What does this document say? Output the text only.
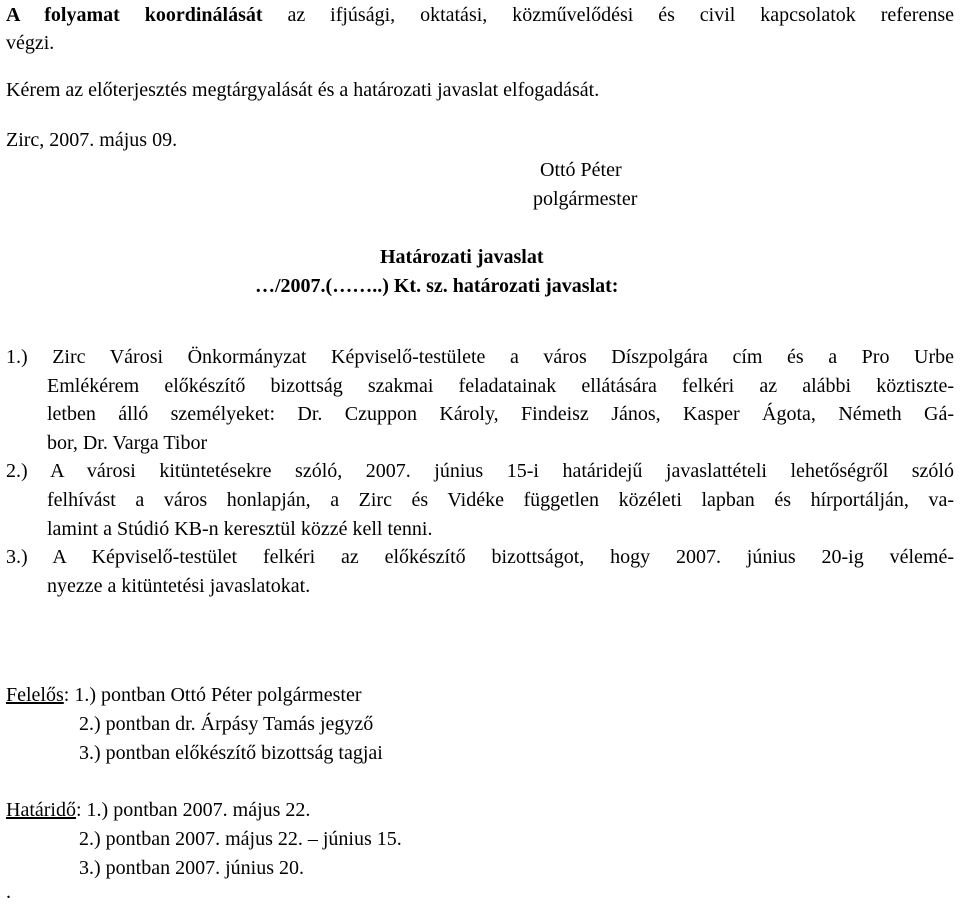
A folyamat koordinálását az ifjúsági, oktatási, közművelődési és civil kapcsolatok referense
végzi.
Kérem az előterjesztés megtárgyalását és a határozati javaslat elfogadását.
Zirc, 2007. május 09.
Ottó Péter
polgármester
Határozati javaslat
…/2007.(……..) Kt. sz. határozati javaslat:
1.) Zirc Városi Önkormányzat Képviselő-testülete a város Díszpolgára cím és a Pro Urbe
Emlékérem előkészítő bizottság szakmai feladatainak ellátására felkéri az alábbi köztiszte-
letben álló személyeket: Dr. Czuppon Károly, Findeisz János, Kasper Ágota, Németh Gá-
bor, Dr. Varga Tibor
2.) A városi kitüntetésekre szóló, 2007. június 15-i határidejű javaslattételi lehetőségről szóló
felhívást a város honlapján, a Zirc és Vidéke független közéleti lapban és hírportálján, va-
lamint a Stúdió KB-n keresztül közzé kell tenni.
3.) A Képviselő-testület felkéri az előkészítő bizottságot, hogy 2007. június 20-ig vélemé-
nyezze a kitüntetési javaslatokat.
Felelős: 1.) pontban Ottó Péter polgármester
2.) pontban dr. Árpásy Tamás jegyző
3.) pontban előkészítő bizottság tagjai
Határidő: 1.) pontban 2007. május 22.
2.) pontban 2007. május 22. – június 15.
3.) pontban 2007. június 20.
.
